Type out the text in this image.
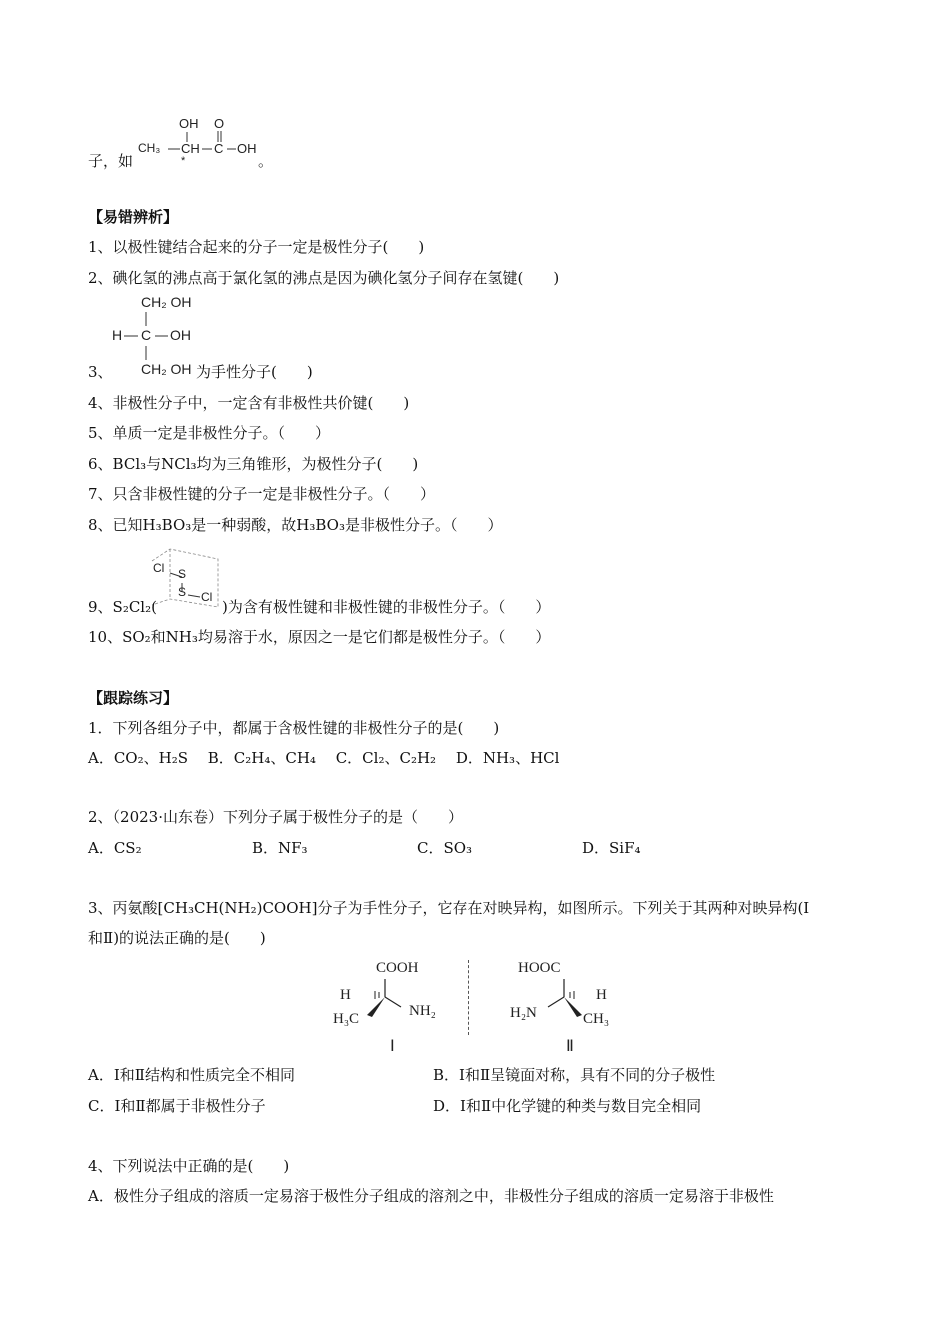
OH O
CH₃ CH C OH
*
子，如	。
【易错辨析】
1、以极性键结合起来的分子一定是极性分子(　　)
2、碘化氢的沸点高于氯化氢的沸点是因为碘化氢分子间存在氢键(　　)
CH₂ OH
H C OH
CH₂ OH
3、	为手性分子(　　)
4、非极性分子中，一定含有非极性共价键(　　)
5、单质一定是非极性分子。（　　）
6、BCl₃与NCl₃均为三角锥形，为极性分子(　　)
7、只含非极性键的分子一定是非极性分子。（　　）
8、已知H₃BO₃是一种弱酸，故H₃BO₃是非极性分子。（　　）
Cl S
S Cl
9、S₂Cl₂(	)为含有极性键和非极性键的非极性分子。（　　）
10、SO₂和NH₃均易溶于水，原因之一是它们都是极性分子。（　　）
【跟踪练习】
1．下列各组分子中，都属于含极性键的非极性分子的是(　　)
A．CO₂、H₂S　 B．C₂H₄、CH₄　 C．Cl₂、C₂H₂　 D．NH₃、HCl
2、（2023·山东卷）下列分子属于极性分子的是（　　）
A．CS₂	B．NF₃	C．SO₃	D．SiF₄
3、丙氨酸[CH₃CH(NH₂)COOH]分子为手性分子，它存在对映异构，如图所示。下列关于其两种对映异构(Ⅰ
和Ⅱ)的说法正确的是(　　)
COOH
H
NH₂
H₃C
Ⅰ
HOOC
H
H₂N	CH₃
Ⅱ
A．Ⅰ和Ⅱ结构和性质完全不相同	B．Ⅰ和Ⅱ呈镜面对称，具有不同的分子极性
C．Ⅰ和Ⅱ都属于非极性分子	D．Ⅰ和Ⅱ中化学键的种类与数目完全相同
4、下列说法中正确的是(　　)
A．极性分子组成的溶质一定易溶于极性分子组成的溶剂之中，非极性分子组成的溶质一定易溶于非极性
